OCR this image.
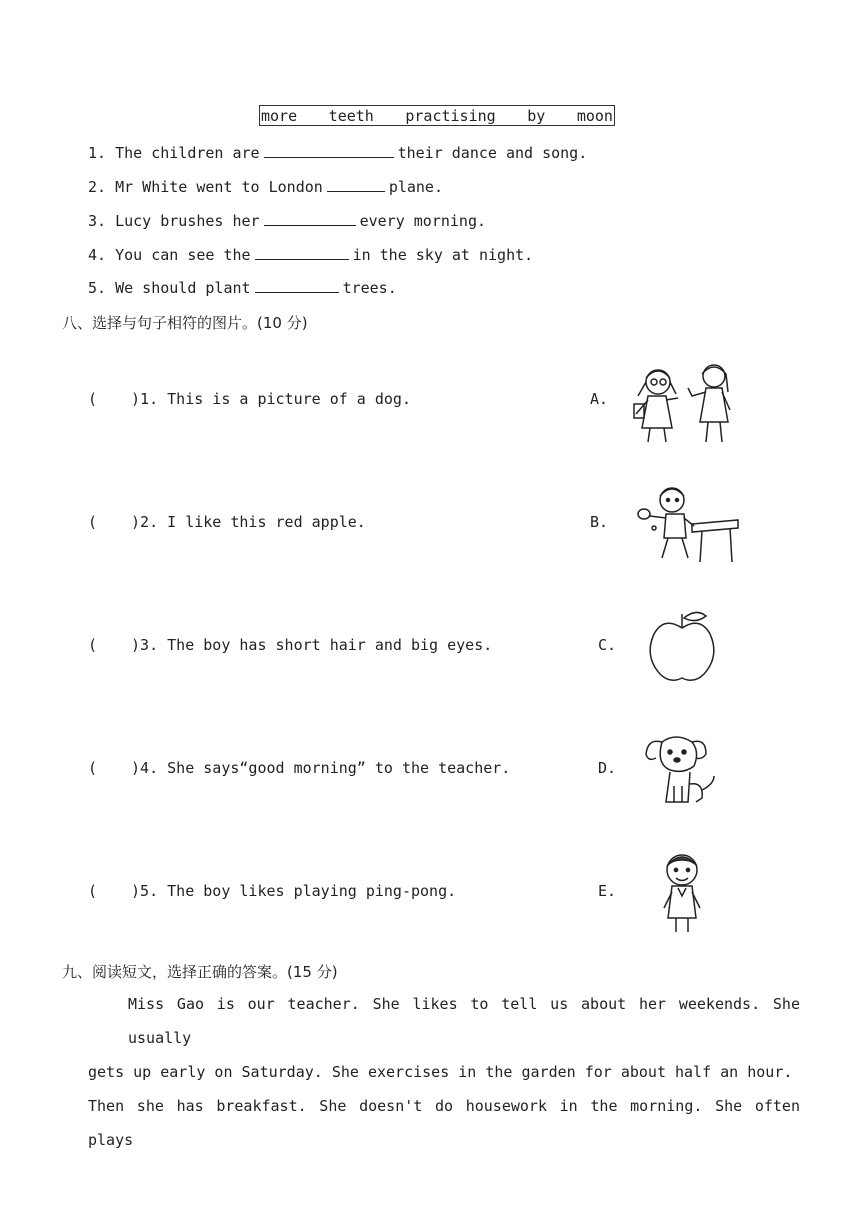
more teeth practising by moon
1. The children are	their dance and song.
2. Mr White went to London	plane.
3. Lucy brushes her	every morning.
4. You can see the	in the sky at night.
5. We should plant	trees.
八、选择与句子相符的图片。(10 分)
( )1. This is a picture of a dog.
( )2. I like this red apple.
( )3. The boy has short hair and big eyes.
( )4. She says“good morning” to the teacher.
( )5. The boy likes playing ping-pong.
A.
B.
C.
D.
E.
九、阅读短文，选择正确的答案。(15 分)
Miss Gao is our teacher. She likes to tell us about her weekends. She usually
gets up early on Saturday. She exercises in the garden for about half an hour.
Then she has breakfast. She doesn't do housework in the morning. She often plays
